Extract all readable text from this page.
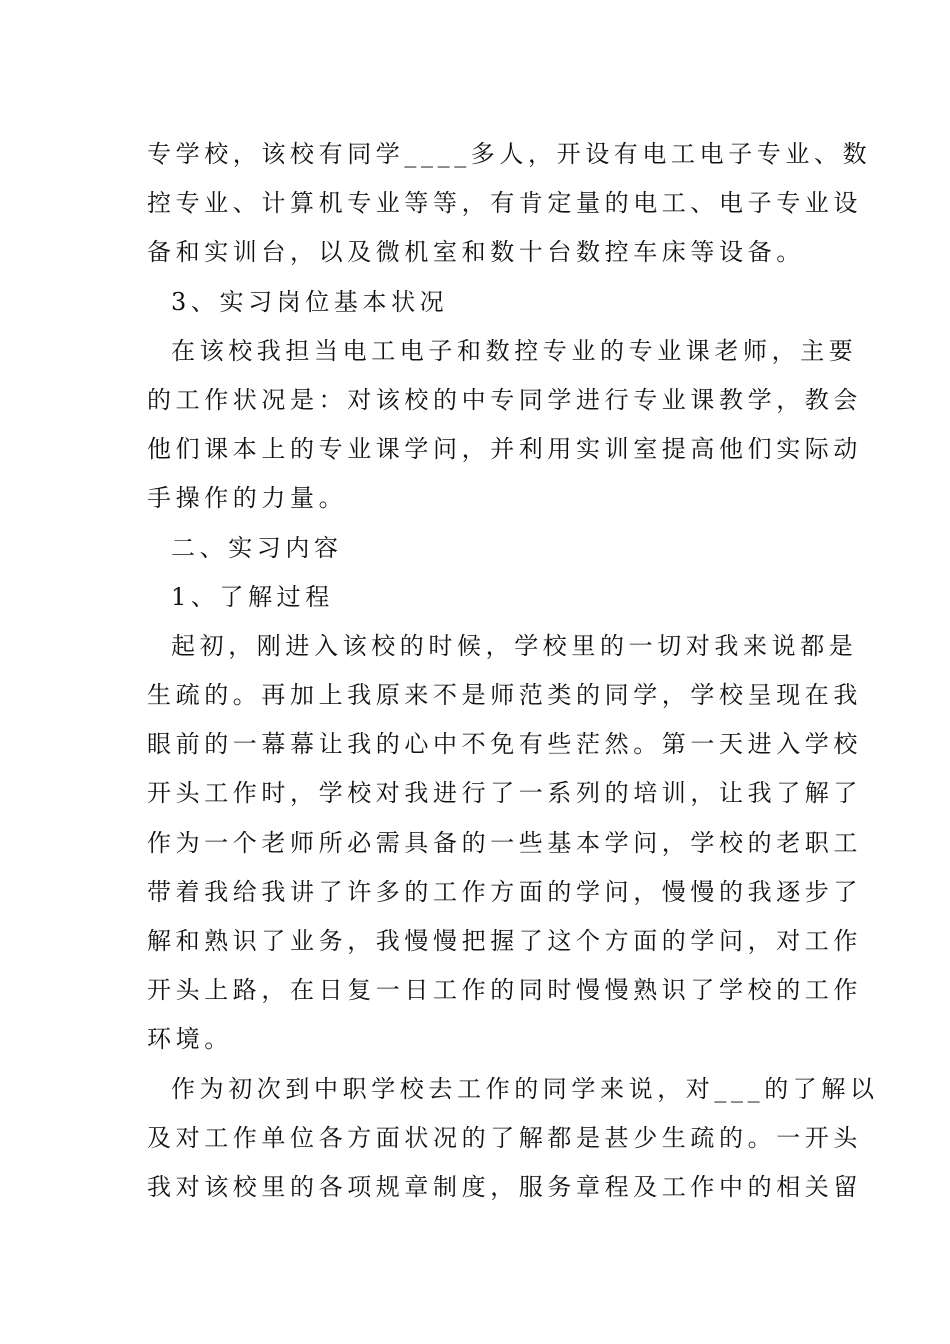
专学校，该校有同学____多人，开设有电工电子专业、数
控专业、计算机专业等等，有肯定量的电工、电子专业设
备和实训台，以及微机室和数十台数控车床等设备。
3、实习岗位基本状况
在该校我担当电工电子和数控专业的专业课老师，主要
的工作状况是：对该校的中专同学进行专业课教学，教会
他们课本上的专业课学问，并利用实训室提高他们实际动
手操作的力量。
二、实习内容
1、了解过程
起初，刚进入该校的时候，学校里的一切对我来说都是
生疏的。再加上我原来不是师范类的同学，学校呈现在我
眼前的一幕幕让我的心中不免有些茫然。第一天进入学校
开头工作时，学校对我进行了一系列的培训，让我了解了
作为一个老师所必需具备的一些基本学问，学校的老职工
带着我给我讲了许多的工作方面的学问，慢慢的我逐步了
解和熟识了业务，我慢慢把握了这个方面的学问，对工作
开头上路，在日复一日工作的同时慢慢熟识了学校的工作
环境。
作为初次到中职学校去工作的同学来说，对___的了解以
及对工作单位各方面状况的了解都是甚少生疏的。一开头
我对该校里的各项规章制度，服务章程及工作中的相关留
